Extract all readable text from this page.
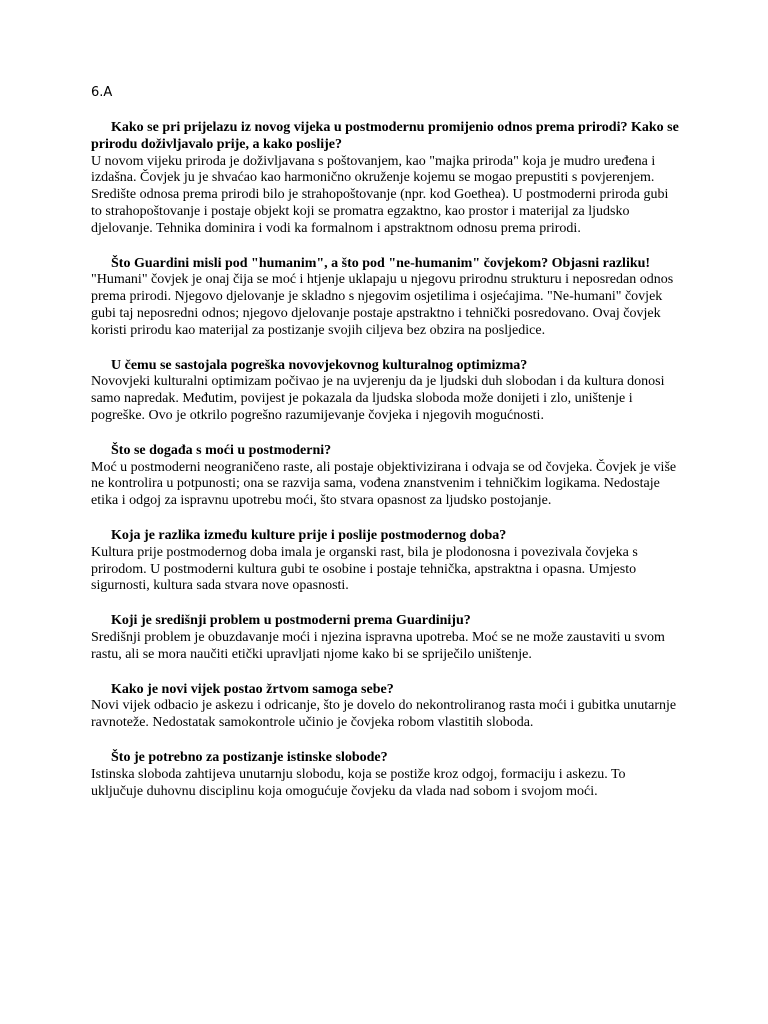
6.A

Kako se pri prijelazu iz novog vijeka u postmodernu promijenio odnos prema prirodi? Kako se prirodu doživljavalo prije, a kako poslije?

U novom vijeku priroda je doživljavana s poštovanjem, kao "majka priroda" koja je mudro uređena i izdašna. Čovjek ju je shvaćao kao harmonično okruženje kojemu se mogao prepustiti s povjerenjem. Središte odnosa prema prirodi bilo je strahopoštovanje (npr. kod Goethea). U postmoderni priroda gubi to strahopoštovanje i postaje objekt koji se promatra egzaktno, kao prostor i materijal za ljudsko djelovanje. Tehnika dominira i vodi ka formalnom i apstraktnom odnosu prema prirodi.

Što Guardini misli pod "humanim", a što pod "ne-humanim" čovjekom? Objasni razliku!

"Humani" čovjek je onaj čija se moć i htjenje uklapaju u njegovu prirodnu strukturu i neposredan odnos prema prirodi. Njegovo djelovanje je skladno s njegovim osjetilima i osjećajima. "Ne-humani" čovjek gubi taj neposredni odnos; njegovo djelovanje postaje apstraktno i tehnički posredovano. Ovaj čovjek koristi prirodu kao materijal za postizanje svojih ciljeva bez obzira na posljedice.

U čemu se sastojala pogreška novovjekovnog kulturalnog optimizma?

Novovjeki kulturalni optimizam počivao je na uvjerenju da je ljudski duh slobodan i da kultura donosi samo napredak. Međutim, povijest je pokazala da ljudska sloboda može donijeti i zlo, uništenje i pogreške. Ovo je otkrilo pogrešno razumijevanje čovjeka i njegovih mogućnosti.

Što se događa s moći u postmoderni?

Moć u postmoderni neograničeno raste, ali postaje objektivizirana i odvaja se od čovjeka. Čovjek je više ne kontrolira u potpunosti; ona se razvija sama, vođena znanstvenim i tehničkim logikama. Nedostaje etika i odgoj za ispravnu upotrebu moći, što stvara opasnost za ljudsko postojanje.

Koja je razlika između kulture prije i poslije postmodernog doba?

Kultura prije postmodernog doba imala je organski rast, bila je plodonosna i povezivala čovjeka s prirodom. U postmoderni kultura gubi te osobine i postaje tehnička, apstraktna i opasna. Umjesto sigurnosti, kultura sada stvara nove opasnosti.

Koji je središnji problem u postmoderni prema Guardiniju?

Središnji problem je obuzdavanje moći i njezina ispravna upotreba. Moć se ne može zaustaviti u svom rastu, ali se mora naučiti etički upravljati njome kako bi se spriječilo uništenje.

Kako je novi vijek postao žrtvom samoga sebe?

Novi vijek odbacio je askezu i odricanje, što je dovelo do nekontroliranog rasta moći i gubitka unutarnje ravnoteže. Nedostatak samokontrole učinio je čovjeka robom vlastitih sloboda.

Što je potrebno za postizanje istinske slobode?

Istinska sloboda zahtijeva unutarnju slobodu, koja se postiže kroz odgoj, formaciju i askezu. To uključuje duhovnu disciplinu koja omogućuje čovjeku da vlada nad sobom i svojom moći.
